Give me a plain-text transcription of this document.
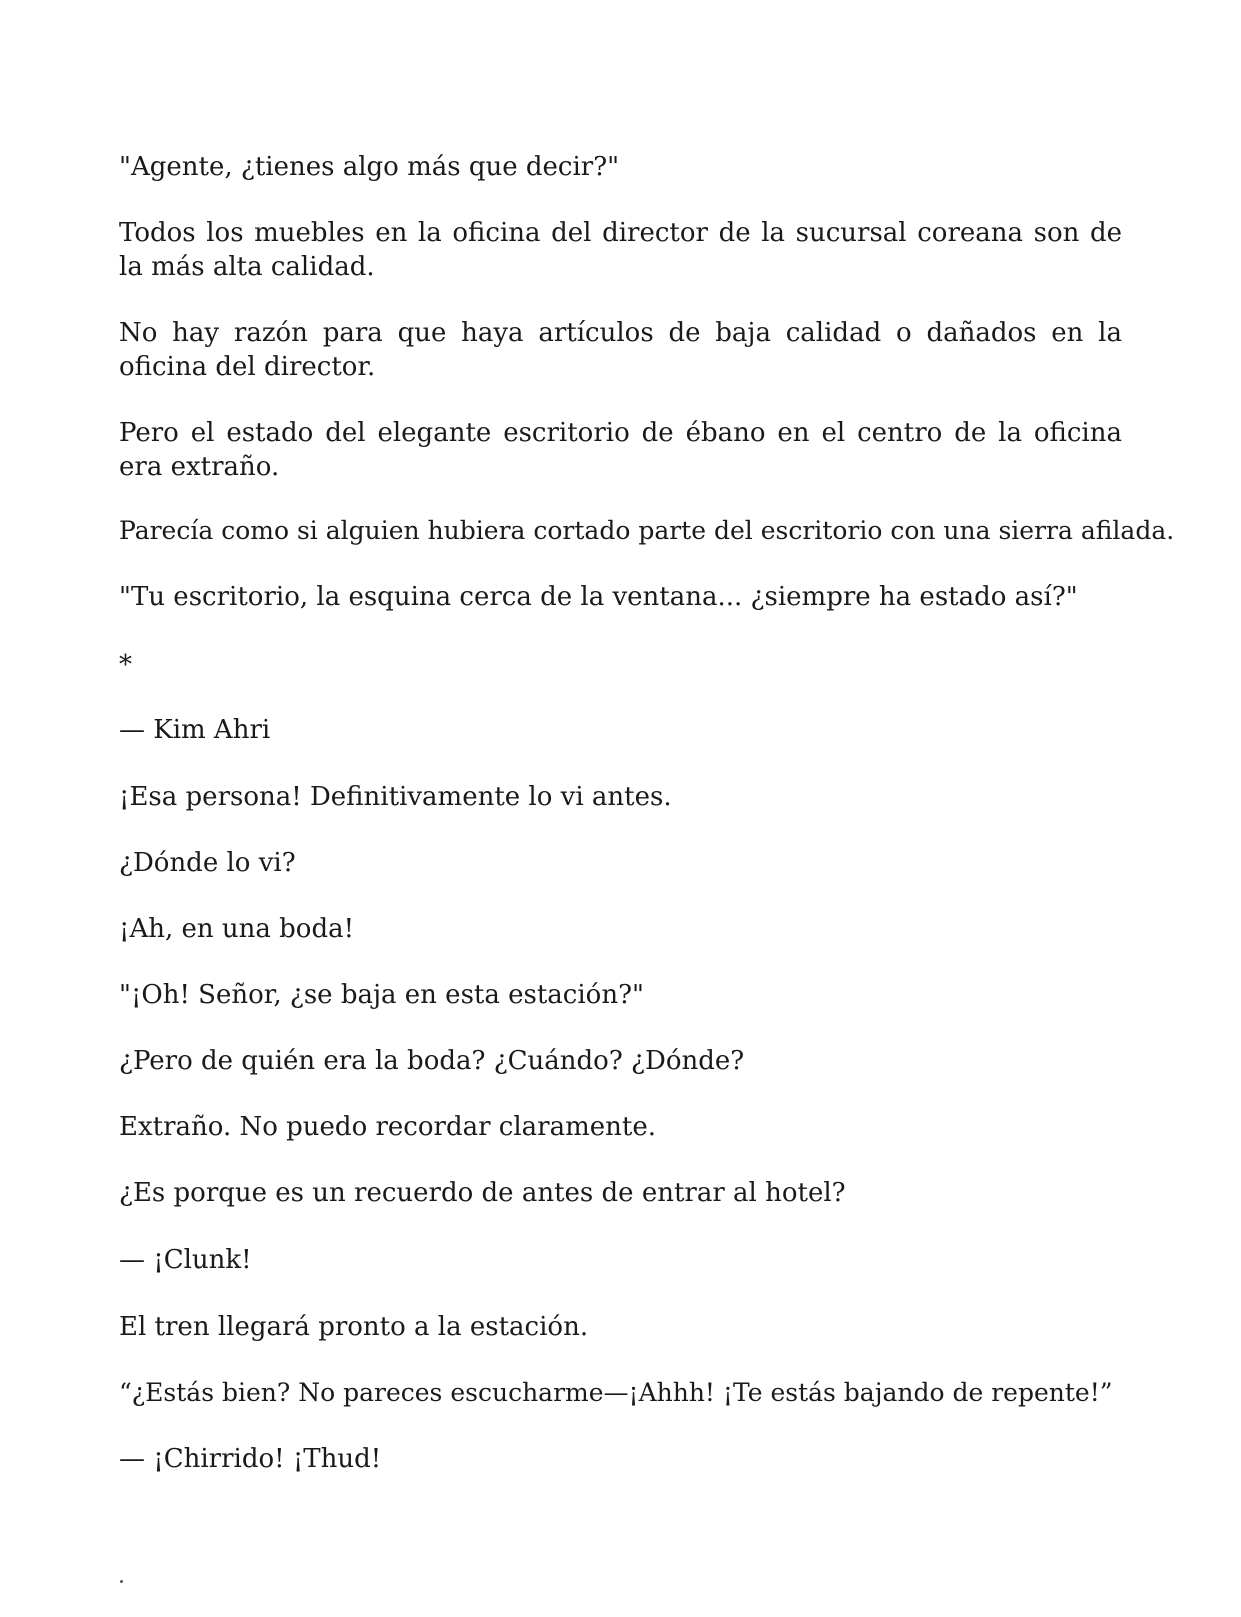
"Agente, ¿tienes algo más que decir?"

Todos los muebles en la oficina del director de la sucursal coreana son de la más alta calidad.

No hay razón para que haya artículos de baja calidad o dañados en la oficina del director.

Pero el estado del elegante escritorio de ébano en el centro de la oficina era extraño.

Parecía como si alguien hubiera cortado parte del escritorio con una sierra afilada.

"Tu escritorio, la esquina cerca de la ventana... ¿siempre ha estado así?"

*

— Kim Ahri

¡Esa persona! Definitivamente lo vi antes.

¿Dónde lo vi?

¡Ah, en una boda!

"¡Oh! Señor, ¿se baja en esta estación?"

¿Pero de quién era la boda? ¿Cuándo? ¿Dónde?

Extraño. No puedo recordar claramente.

¿Es porque es un recuerdo de antes de entrar al hotel?

— ¡Clunk!

El tren llegará pronto a la estación.

“¿Estás bien? No pareces escucharme—¡Ahhh! ¡Te estás bajando de repente!”

— ¡Chirrido! ¡Thud!
